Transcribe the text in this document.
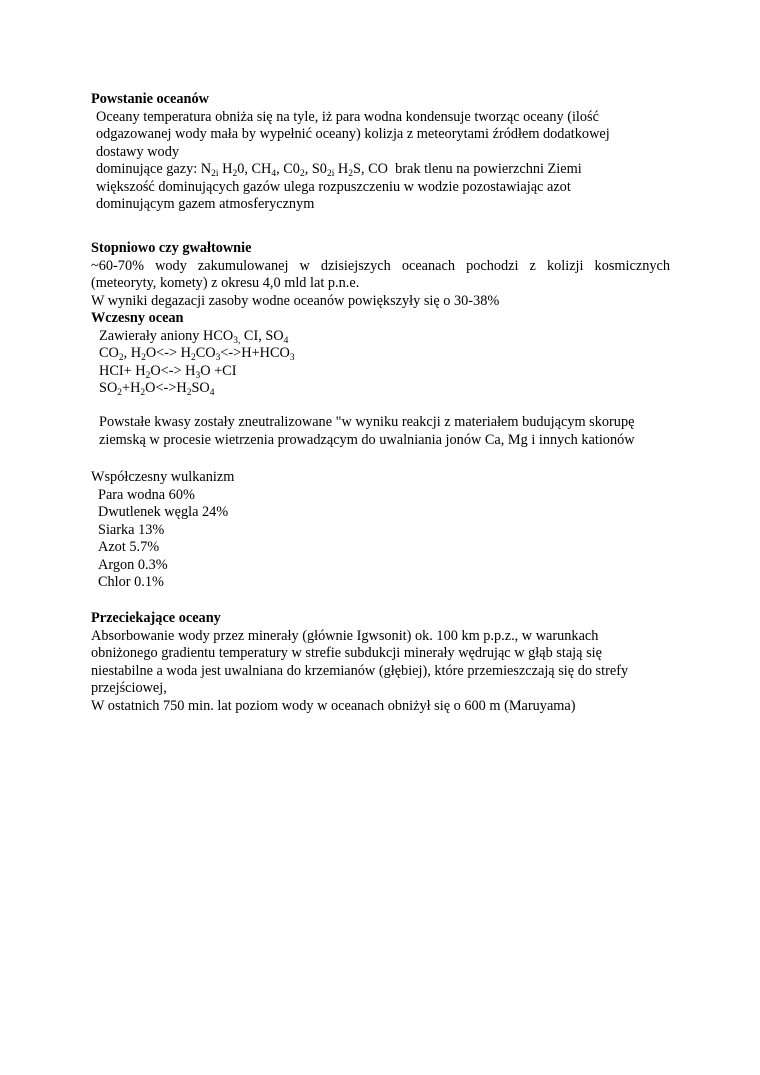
Powstanie oceanów
Oceany temperatura obniża się na tyle, iż para wodna kondensuje tworząc oceany (ilość
odgazowanej wody mała by wypełnić oceany) kolizja z meteorytami źródłem dodatkowej
dostawy wody
dominujące gazy: $N_{2i}$ $H_20$, $CH_4$, $C0_2$, $S0_{2i}$ $H_2S$, CO  brak tlenu na powierzchni Ziemi
większość dominujących gazów ulega rozpuszczeniu w wodzie pozostawiając azot
dominującym gazem atmosferycznym
Stopniowo czy gwałtownie
~60-70% wody zakumulowanej w dzisiejszych oceanach pochodzi z kolizji kosmicznych
(meteoryty, komety) z okresu 4,0 mld lat p.n.e.
W wyniki degazacji zasoby wodne oceanów powiększyły się o 30-38%
Wczesny ocean
Zawierały aniony $HCO_{3,}$ CI, $SO_4$
$CO_2$, $H_2O<-> H_2CO_3<->H+HCO_3$
$HCI+ H_2O<-> H_3O +CI$
$SO_2+H_2O<->H_2SO_4$
Powstałe kwasy zostały zneutralizowane "w wyniku reakcji z materiałem budującym skorupę
ziemską w procesie wietrzenia prowadzącym do uwalniania jonów Ca, Mg i innych kationów
Współczesny wulkanizm
Para wodna 60%
Dwutlenek węgla 24%
Siarka 13%
Azot 5.7%
Argon 0.3%
Chlor 0.1%
Przeciekające oceany
Absorbowanie wody przez minerały (głównie Igwsonit) ok. 100 km p.p.z., w warunkach
obniżonego gradientu temperatury w strefie subdukcji minerały wędrując w głąb stają się
niestabilne a woda jest uwalniana do krzemianów (głębiej), które przemieszczają się do strefy
przejściowej,
W ostatnich 750 min. lat poziom wody w oceanach obniżył się o 600 m (Maruyama)
